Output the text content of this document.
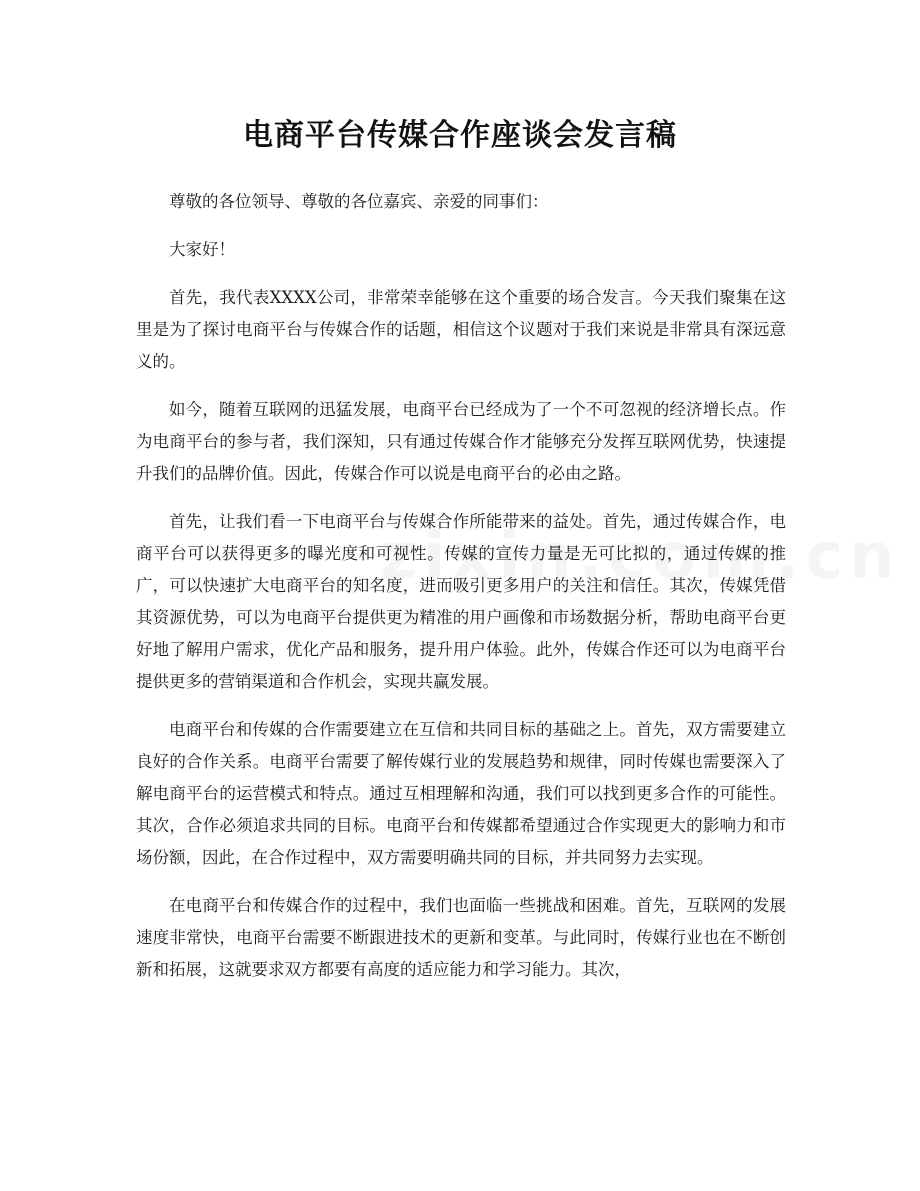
电商平台传媒合作座谈会发言稿

尊敬的各位领导、尊敬的各位嘉宾、亲爱的同事们：

大家好！

首先，我代表XXXX公司，非常荣幸能够在这个重要的场合发言。今天我们聚集在这里是为了探讨电商平台与传媒合作的话题，相信这个议题对于我们来说是非常具有深远意义的。

如今，随着互联网的迅猛发展，电商平台已经成为了一个不可忽视的经济增长点。作为电商平台的参与者，我们深知，只有通过传媒合作才能够充分发挥互联网优势，快速提升我们的品牌价值。因此，传媒合作可以说是电商平台的必由之路。

首先，让我们看一下电商平台与传媒合作所能带来的益处。首先，通过传媒合作，电商平台可以获得更多的曝光度和可视性。传媒的宣传力量是无可比拟的，通过传媒的推广，可以快速扩大电商平台的知名度，进而吸引更多用户的关注和信任。其次，传媒凭借其资源优势，可以为电商平台提供更为精准的用户画像和市场数据分析，帮助电商平台更好地了解用户需求，优化产品和服务，提升用户体验。此外，传媒合作还可以为电商平台提供更多的营销渠道和合作机会，实现共赢发展。

电商平台和传媒的合作需要建立在互信和共同目标的基础之上。首先，双方需要建立良好的合作关系。电商平台需要了解传媒行业的发展趋势和规律，同时传媒也需要深入了解电商平台的运营模式和特点。通过互相理解和沟通，我们可以找到更多合作的可能性。其次，合作必须追求共同的目标。电商平台和传媒都希望通过合作实现更大的影响力和市场份额，因此，在合作过程中，双方需要明确共同的目标，并共同努力去实现。

在电商平台和传媒合作的过程中，我们也面临一些挑战和困难。首先，互联网的发展速度非常快，电商平台需要不断跟进技术的更新和变革。与此同时，传媒行业也在不断创新和拓展，这就要求双方都要有高度的适应能力和学习能力。其次，
